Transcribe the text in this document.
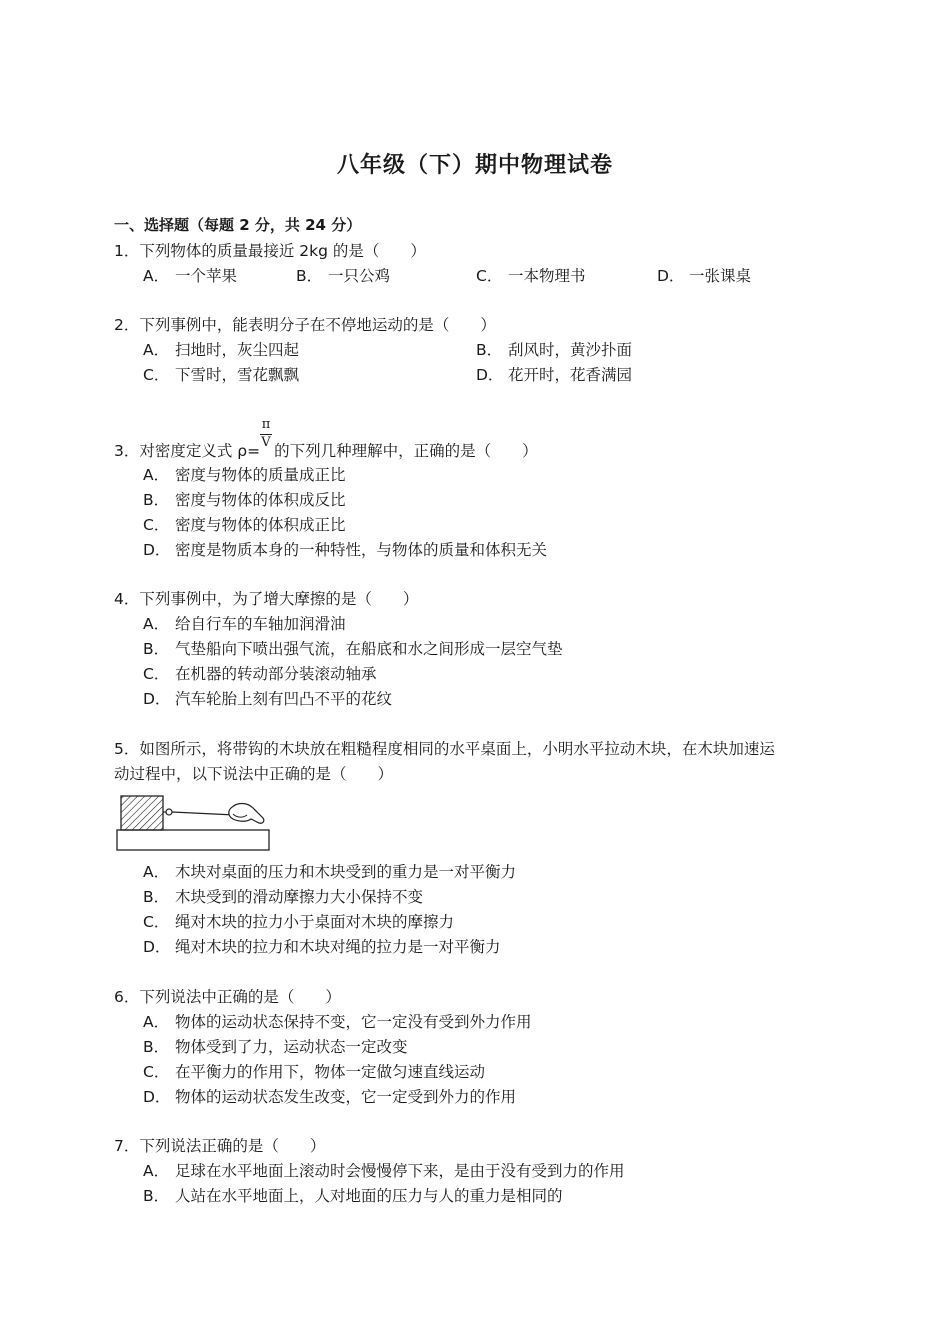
八年级（下）期中物理试卷
一、选择题（每题 2 分，共 24 分）
1．下列物体的质量最接近 2kg 的是（　　）
A． 一个苹果	B． 一只公鸡	C． 一本物理书	D． 一张课桌
2．下列事例中，能表明分子在不停地运动的是（　　）
A． 扫地时，灰尘四起	B． 刮风时，黄沙扑面
C． 下雪时，雪花飘飘	D． 花开时，花香满园
π
V
3．对密度定义式 ρ= 的下列几种理解中，正确的是（　　）
A． 密度与物体的质量成正比
B． 密度与物体的体积成反比
C． 密度与物体的体积成正比
D． 密度是物质本身的一种特性，与物体的质量和体积无关
4．下列事例中，为了增大摩擦的是（　　）
A． 给自行车的车轴加润滑油
B． 气垫船向下喷出强气流，在船底和水之间形成一层空气垫
C． 在机器的转动部分装滚动轴承
D． 汽车轮胎上刻有凹凸不平的花纹
5．如图所示，将带钩的木块放在粗糙程度相同的水平桌面上，小明水平拉动木块，在木块加速运
动过程中，以下说法中正确的是（　　）
A． 木块对桌面的压力和木块受到的重力是一对平衡力
B． 木块受到的滑动摩擦力大小保持不变
C． 绳对木块的拉力小于桌面对木块的摩擦力
D． 绳对木块的拉力和木块对绳的拉力是一对平衡力
6．下列说法中正确的是（　　）
A． 物体的运动状态保持不变，它一定没有受到外力作用
B． 物体受到了力，运动状态一定改变
C． 在平衡力的作用下，物体一定做匀速直线运动
D． 物体的运动状态发生改变，它一定受到外力的作用
7．下列说法正确的是（　　）
A． 足球在水平地面上滚动时会慢慢停下来，是由于没有受到力的作用
B． 人站在水平地面上，人对地面的压力与人的重力是相同的
